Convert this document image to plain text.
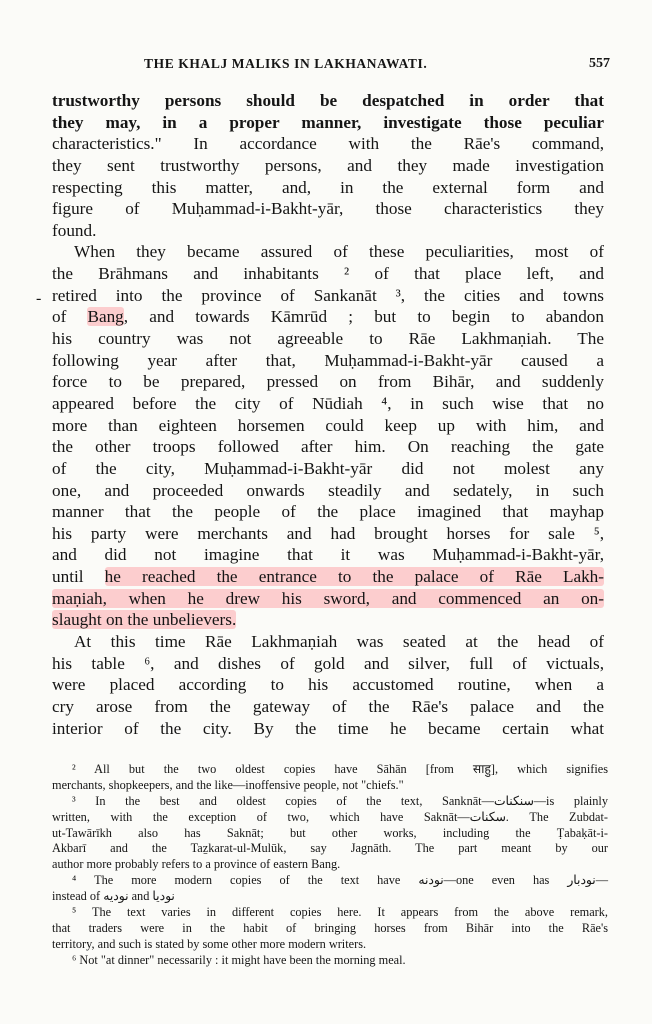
THE KHALJ MALIKS IN LAKHANAWATI.	557
-
trustworthy persons should be despatched in order that
they may, in a proper manner, investigate those peculiar
characteristics." In accordance with the Rāe's command,
they sent trustworthy persons, and they made investigation
respecting this matter, and, in the external form and
figure of Muḥammad-i-Bakht-yār, those characteristics they
found.
When they became assured of these peculiarities, most of
the Brāhmans and inhabitants ² of that place left, and
retired into the province of Sankanāt ³, the cities and towns
of Bang, and towards Kāmrūd ; but to begin to abandon
his country was not agreeable to Rāe Lakhmaṇiah. The
following year after that, Muḥammad-i-Bakht-yār caused a
force to be prepared, pressed on from Bihār, and suddenly
appeared before the city of Nūdiah ⁴, in such wise that no
more than eighteen horsemen could keep up with him, and
the other troops followed after him. On reaching the gate
of the city, Muḥammad-i-Bakht-yār did not molest any
one, and proceeded onwards steadily and sedately, in such
manner that the people of the place imagined that mayhap
his party were merchants and had brought horses for sale ⁵,
and did not imagine that it was Muḥammad-i-Bakht-yār,
until he reached the entrance to the palace of Rāe Lakh-
maṇiah, when he drew his sword, and commenced an on-
slaught on the unbelievers.
At this time Rāe Lakhmaṇiah was seated at the head of
his table ⁶, and dishes of gold and silver, full of victuals,
were placed according to his accustomed routine, when a
cry arose from the gateway of the Rāe's palace and the
interior of the city. By the time he became certain what
² All but the two oldest copies have Sāhān [from साहु], which signifies
merchants, shopkeepers, and the like—inoffensive people, not "chiefs."
³ In the best and oldest copies of the text, Sanknāt—سنکنات—is plainly
written, with the exception of two, which have Saknāt—سکنات. The Zubdat-
ut-Tawārīkh also has Saknāt; but other works, including the Ṭabaḳāt-i-
Akbarī and the Taẕkarat-ul-Mulūk, say Jagnāth. The part meant by our
author more probably refers to a province of eastern Bang.
⁴ The more modern copies of the text have نودنه—one even has نودبار—
instead of نودیه and نودیا
⁵ The text varies in different copies here. It appears from the above remark,
that traders were in the habit of bringing horses from Bihār into the Rāe's
territory, and such is stated by some other more modern writers.
⁶ Not "at dinner" necessarily : it might have been the morning meal.
